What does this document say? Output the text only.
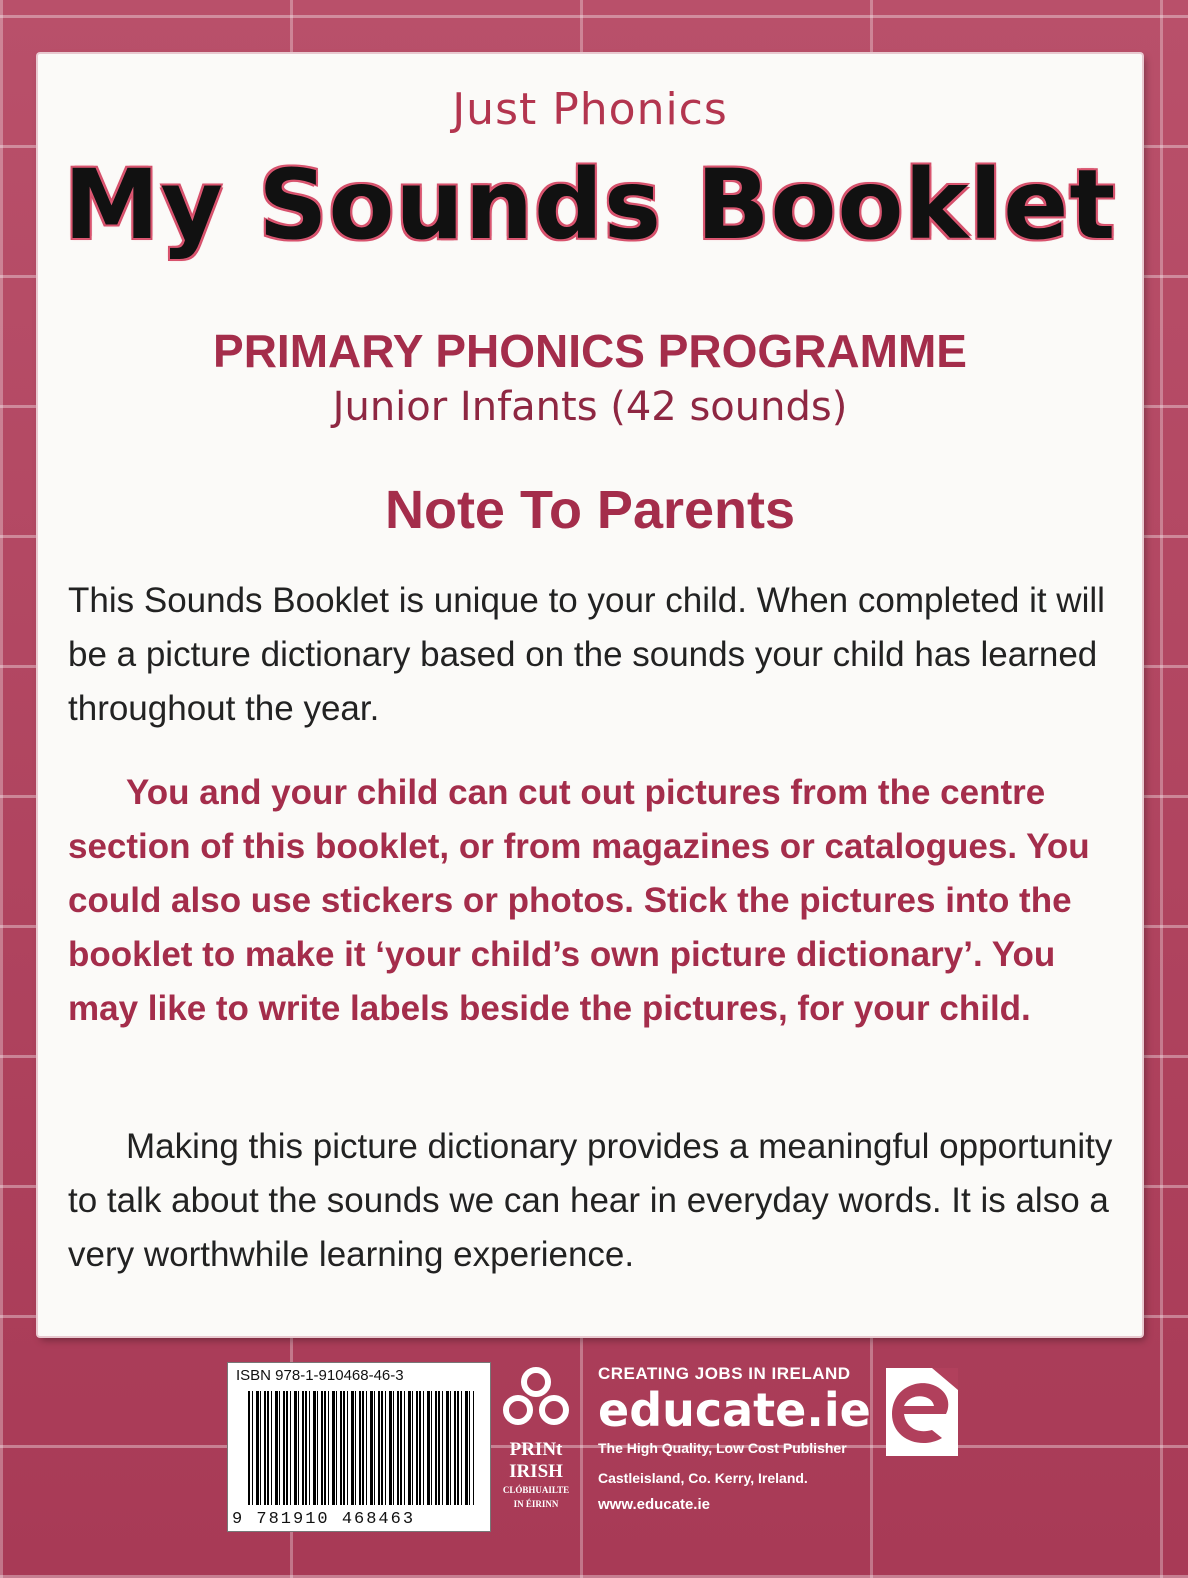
Just Phonics
My Sounds Booklet
PRIMARY PHONICS PROGRAMME
Junior Infants (42 sounds)
Note To Parents
This Sounds Booklet is unique to your child. When completed it will be a picture dictionary based on the sounds your child has learned throughout the year.
You and your child can cut out pictures from the centre section of this booklet, or from magazines or catalogues. You could also use stickers or photos. Stick the pictures into the booklet to make it ‘your child’s own picture dictionary’. You may like to write labels beside the pictures, for your child.
Making this picture dictionary provides a meaningful opportunity to talk about the sounds we can hear in everyday words. It is also a very worthwhile learning experience.
ISBN 978-1-910468-46-3
9 781910 468463
PRINt
IRISH
CLÓBHUAILTE
IN ÉIRINN
CREATING JOBS IN IRELAND
educate.ie
The High Quality, Low Cost Publisher
Castleisland, Co. Kerry, Ireland.
www.educate.ie
